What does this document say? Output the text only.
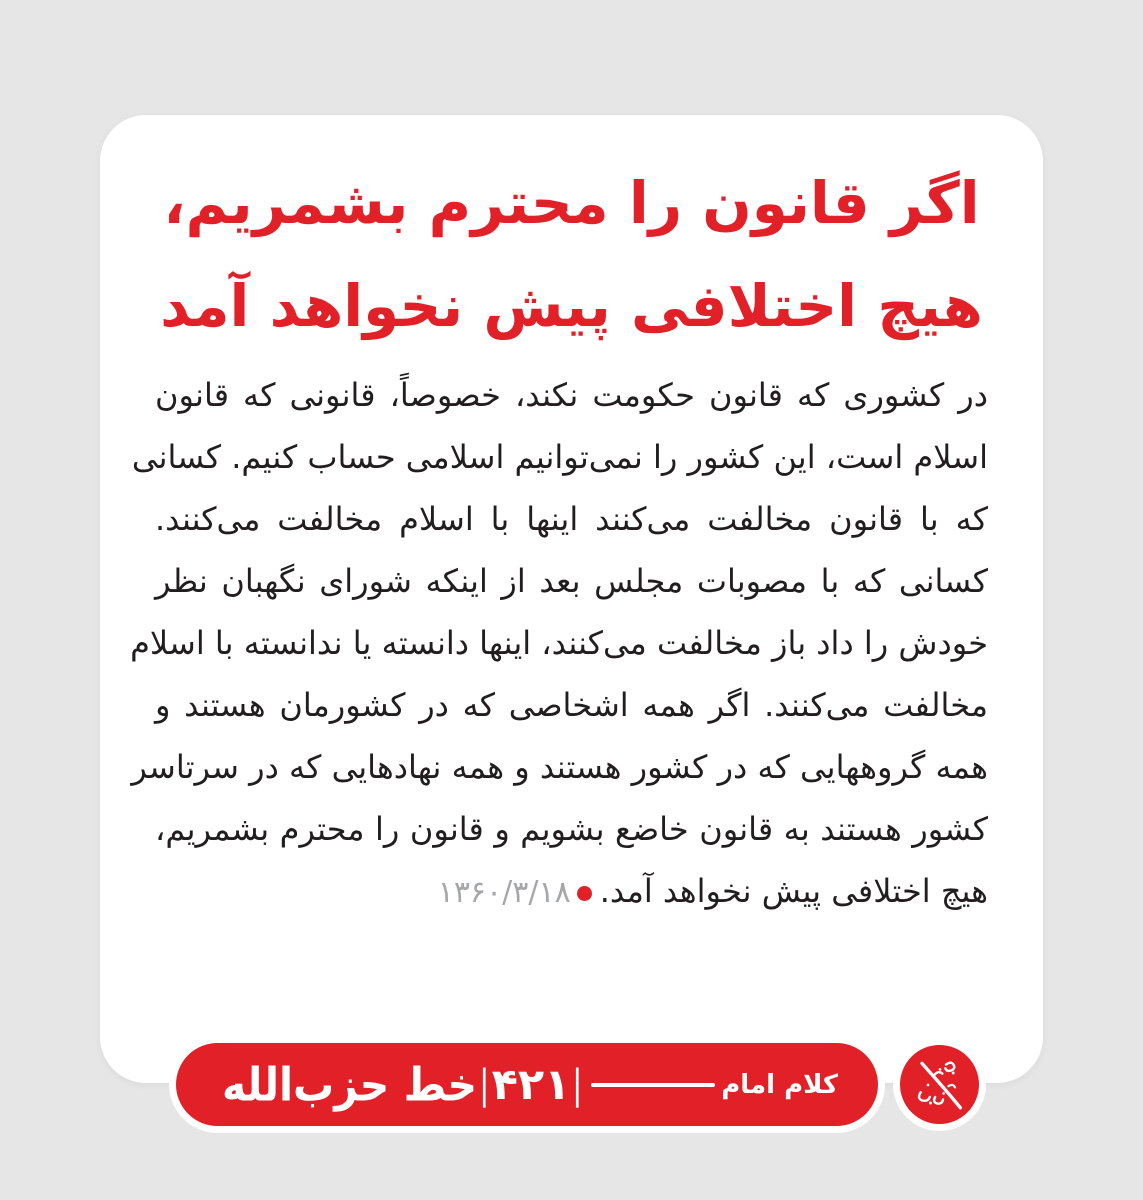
اگر قانون را محترم بشمریم،
هیچ اختلافی پیش نخواهد آمد
در کشوری که قانون حکومت نکند، خصوصاً، قانونی که قانون
اسلام است، این کشور را نمی‌توانیم اسلامی حساب کنیم. کسانی
که با قانون مخالفت می‌کنند اینها با اسلام مخالفت می‌کنند.
کسانی که با مصوبات مجلس بعد از اینکه شورای نگهبان نظر
خودش را داد باز مخالفت می‌کنند، اینها دانسته یا ندانسته با اسلام
مخالفت می‌کنند. اگر همه اشخاصی که در کشورمان هستند و
همه گروههایی که در کشور هستند و همه نهادهایی که در سرتاسر
کشور هستند به قانون خاضع بشویم و قانون را محترم بشمریم،
هیچ اختلافی پیش نخواهد آمد.۱۳۶۰/۳/۱۸
کلام امام
|
۴۲۱
|
خط حزب‌الله
